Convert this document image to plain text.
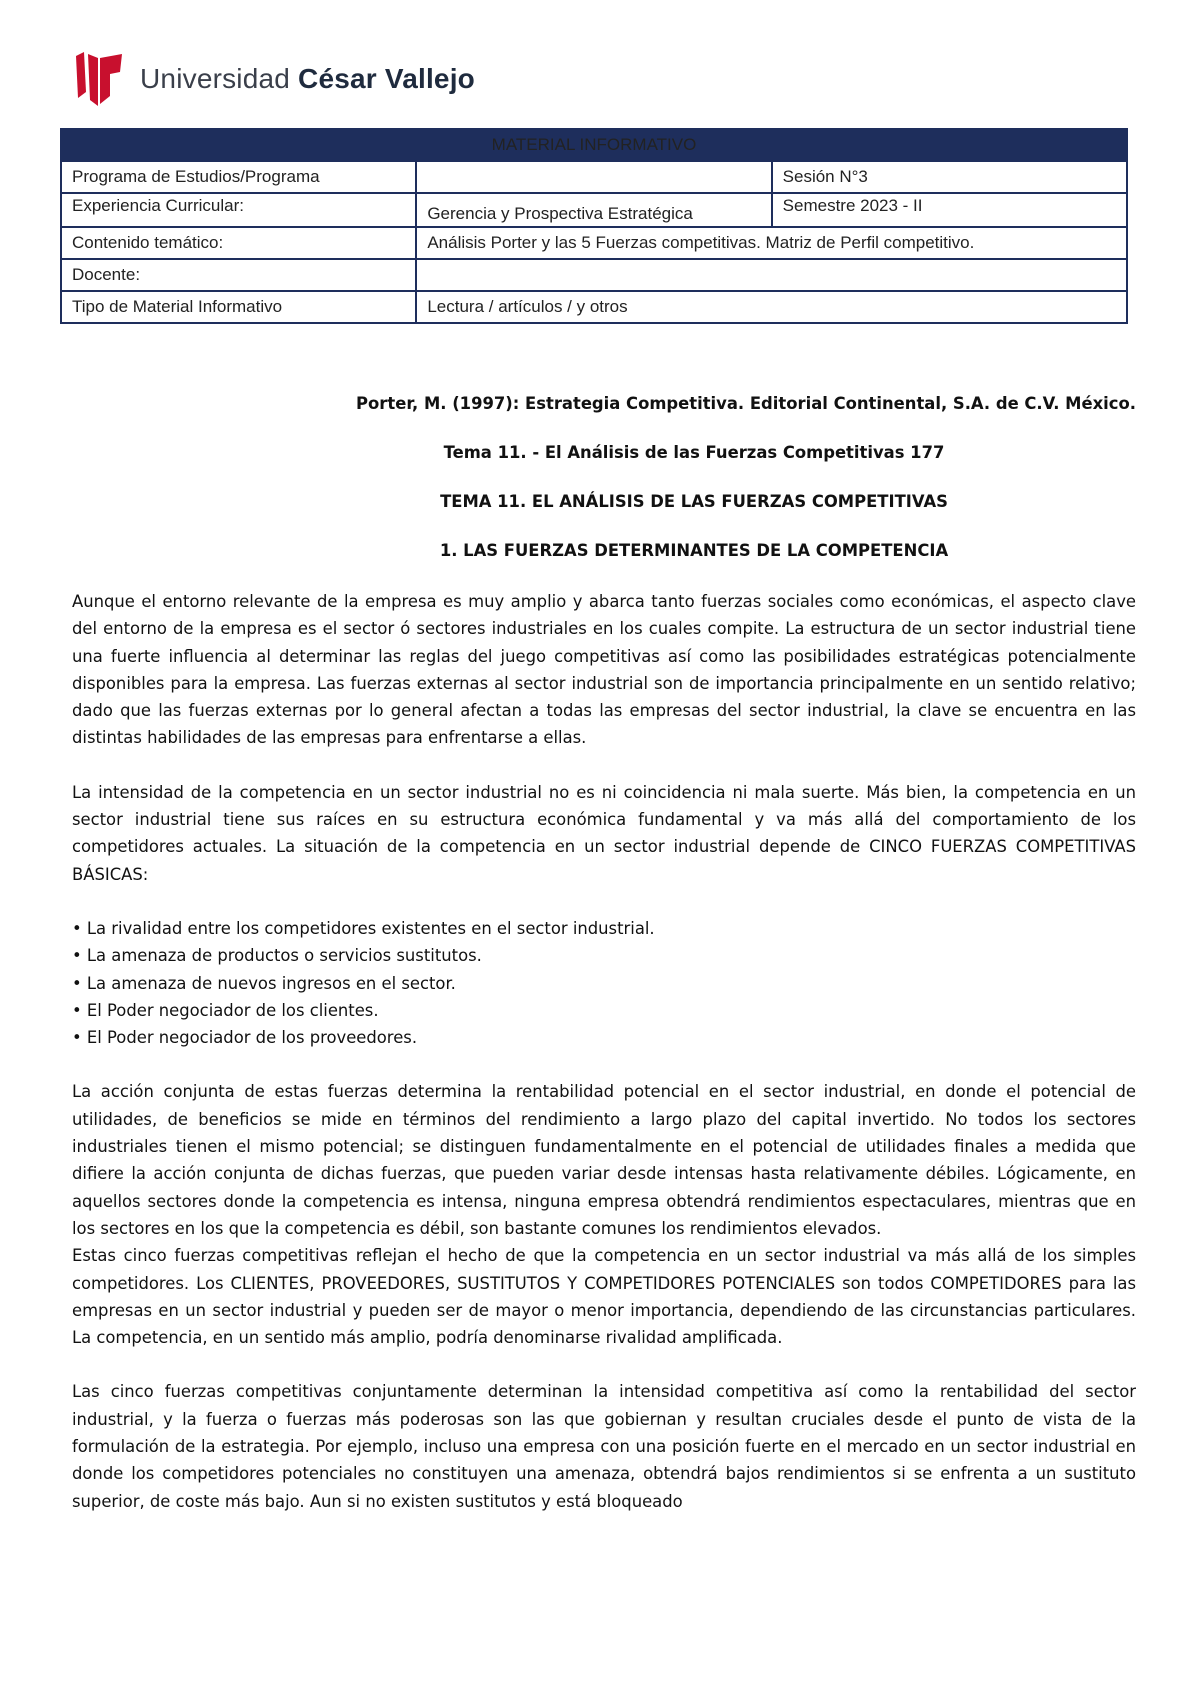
Universidad César Vallejo
MATERIAL INFORMATIVO		
Programa de Estudios/Programa		Sesión N°3
Experiencia Curricular:	Gerencia y Prospectiva Estratégica	Semestre 2023 - II
Contenido temático:	Análisis Porter y las 5 Fuerzas competitivas. Matriz de Perfil competitivo.	
Docente:		
Tipo de Material Informativo	Lectura / artículos / y otros	
Porter, M. (1997): Estrategia Competitiva. Editorial Continental, S.A. de C.V. México.
Tema 11. - El Análisis de las Fuerzas Competitivas 177
TEMA 11. EL ANÁLISIS DE LAS FUERZAS COMPETITIVAS
1. LAS FUERZAS DETERMINANTES DE LA COMPETENCIA

Aunque el entorno relevante de la empresa es muy amplio y abarca tanto fuerzas sociales como económicas, el aspecto clave del entorno de la empresa es el sector ó sectores industriales en los cuales compite. La estructura de un sector industrial tiene una fuerte influencia al determinar las reglas del juego competitivas así como las posibilidades estratégicas potencialmente disponibles para la empresa. Las fuerzas externas al sector industrial son de importancia principalmente en un sentido relativo; dado que las fuerzas externas por lo general afectan a todas las empresas del sector industrial, la clave se encuentra en las distintas habilidades de las empresas para enfrentarse a ellas.

La intensidad de la competencia en un sector industrial no es ni coincidencia ni mala suerte. Más bien, la competencia en un sector industrial tiene sus raíces en su estructura económica fundamental y va más allá del comportamiento de los competidores actuales. La situación de la competencia en un sector industrial depende de CINCO FUERZAS COMPETITIVAS BÁSICAS:

• La rivalidad entre los competidores existentes en el sector industrial.
• La amenaza de productos o servicios sustitutos.
• La amenaza de nuevos ingresos en el sector.
• El Poder negociador de los clientes.
• El Poder negociador de los proveedores.

La acción conjunta de estas fuerzas determina la rentabilidad potencial en el sector industrial, en donde el potencial de utilidades, de beneficios se mide en términos del rendimiento a largo plazo del capital invertido. No todos los sectores industriales tienen el mismo potencial; se distinguen fundamentalmente en el potencial de utilidades finales a medida que difiere la acción conjunta de dichas fuerzas, que pueden variar desde intensas hasta relativamente débiles. Lógicamente, en aquellos sectores donde la competencia es intensa, ninguna empresa obtendrá rendimientos espectaculares, mientras que en los sectores en los que la competencia es débil, son bastante comunes los rendimientos elevados.

Estas cinco fuerzas competitivas reflejan el hecho de que la competencia en un sector industrial va más allá de los simples competidores. Los CLIENTES, PROVEEDORES, SUSTITUTOS Y COMPETIDORES POTENCIALES son todos COMPETIDORES para las empresas en un sector industrial y pueden ser de mayor o menor importancia, dependiendo de las circunstancias particulares. La competencia, en un sentido más amplio, podría denominarse rivalidad amplificada.

Las cinco fuerzas competitivas conjuntamente determinan la intensidad competitiva así como la rentabilidad del sector industrial, y la fuerza o fuerzas más poderosas son las que gobiernan y resultan cruciales desde el punto de vista de la formulación de la estrategia. Por ejemplo, incluso una empresa con una posición fuerte en el mercado en un sector industrial en donde los competidores potenciales no constituyen una amenaza, obtendrá bajos rendimientos si se enfrenta a un sustituto superior, de coste más bajo. Aun si no existen sustitutos y está bloqueado
